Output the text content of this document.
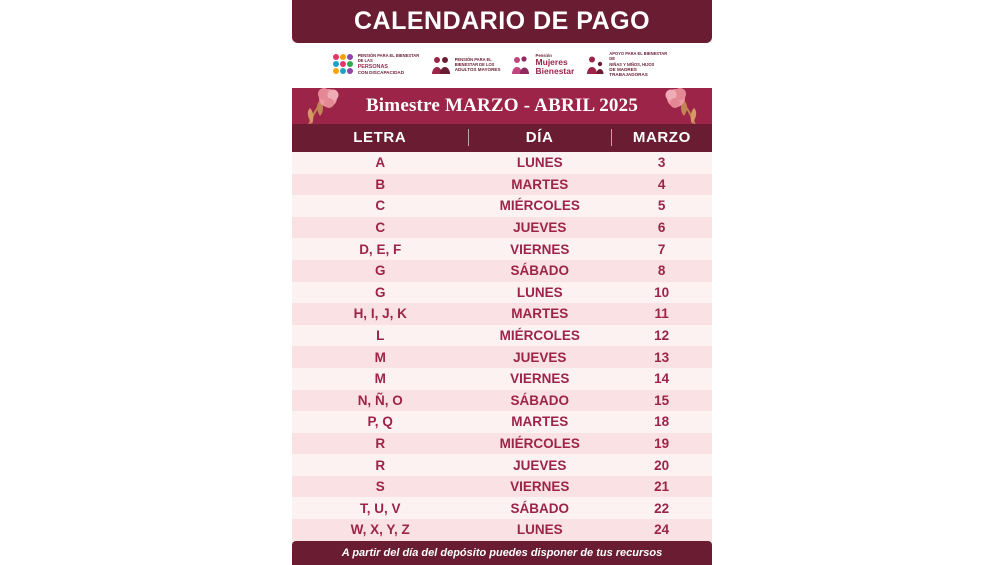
CALENDARIO DE PAGO
PENSIÓN PARA EL BIENESTAR DE LAS
PERSONAS
CON DISCAPACIDAD
PENSIÓN PARA EL
BIENESTAR DE LOS
ADULTOS MAYORES
Pensión
Mujeres
Bienestar
APOYO PARA EL BIENESTAR DE
NIÑAS Y NIÑOS, HIJOS
DE MADRES TRABAJADORAS
Bimestre MARZO - ABRIL 2025
LETRA	DÍA	MARZO
A	LUNES	3
B	MARTES	4
C	MIÉRCOLES	5
C	JUEVES	6
D, E, F	VIERNES	7
G	SÁBADO	8
G	LUNES	10
H, I, J, K	MARTES	11
L	MIÉRCOLES	12
M	JUEVES	13
M	VIERNES	14
N, Ñ, O	SÁBADO	15
P, Q	MARTES	18
R	MIÉRCOLES	19
R	JUEVES	20
S	VIERNES	21
T, U, V	SÁBADO	22
W, X, Y, Z	LUNES	24
A partir del día del depósito puedes disponer de tus recursos
